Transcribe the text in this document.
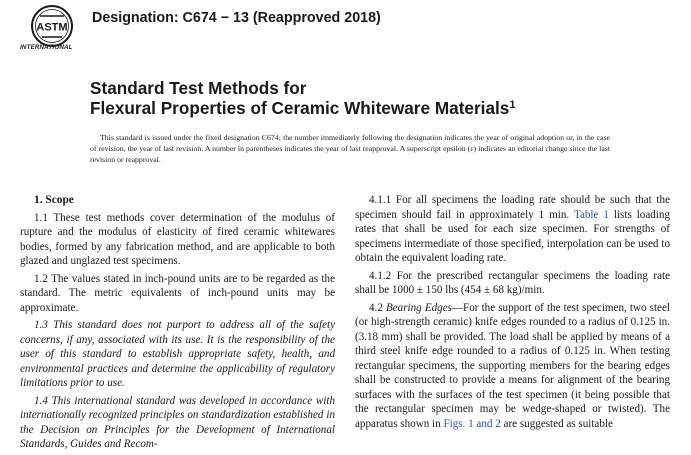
ASTM
INTERNATIONAL
Designation: C674 − 13 (Reapproved 2018)
Standard Test Methods for
Flexural Properties of Ceramic Whiteware Materials$^1$

This standard is issued under the fixed designation C674; the number immediately following the designation indicates the year of original adoption or, in the case of revision, the year of last revision. A number in parentheses indicates the year of last reapproval. A superscript epsilon (ε) indicates an editorial change since the last revision or reapproval.

1. Scope

1.1 These test methods cover determination of the modulus of rupture and the modulus of elasticity of fired ceramic whitewares bodies, formed by any fabrication method, and are applicable to both glazed and unglazed test specimens.

1.2 The values stated in inch-pound units are to be regarded as the standard. The metric equivalents of inch-pound units may be approximate.

1.3 This standard does not purport to address all of the safety concerns, if any, associated with its use. It is the responsibility of the user of this standard to establish appropriate safety, health, and environmental practices and determine the applicability of regulatory limitations prior to use.

1.4 This international standard was developed in accordance with internationally recognized principles on standardization established in the Decision on Principles for the Development of International Standards, Guides and Recom-

4.1.1 For all specimens the loading rate should be such that the specimen should fail in approximately 1 min. Table 1 lists loading rates that shall be used for each size specimen. For strengths of specimens intermediate of those specified, interpolation can be used to obtain the equivalent loading rate.

4.1.2 For the prescribed rectangular specimens the loading rate shall be 1000 ± 150 lbs (454 ± 68 kg)/min.

4.2 Bearing Edges—For the support of the test specimen, two steel (or high-strength ceramic) knife edges rounded to a radius of 0.125 in. (3.18 mm) shall be provided. The load shall be applied by means of a third steel knife edge rounded to a radius of 0.125 in. When testing rectangular specimens, the supporting members for the bearing edges shall be constructed to provide a means for alignment of the bearing surfaces with the surfaces of the test specimen (it being possible that the rectangular specimen may be wedge-shaped or twisted). The apparatus shown in Figs. 1 and 2 are suggested as suitable
